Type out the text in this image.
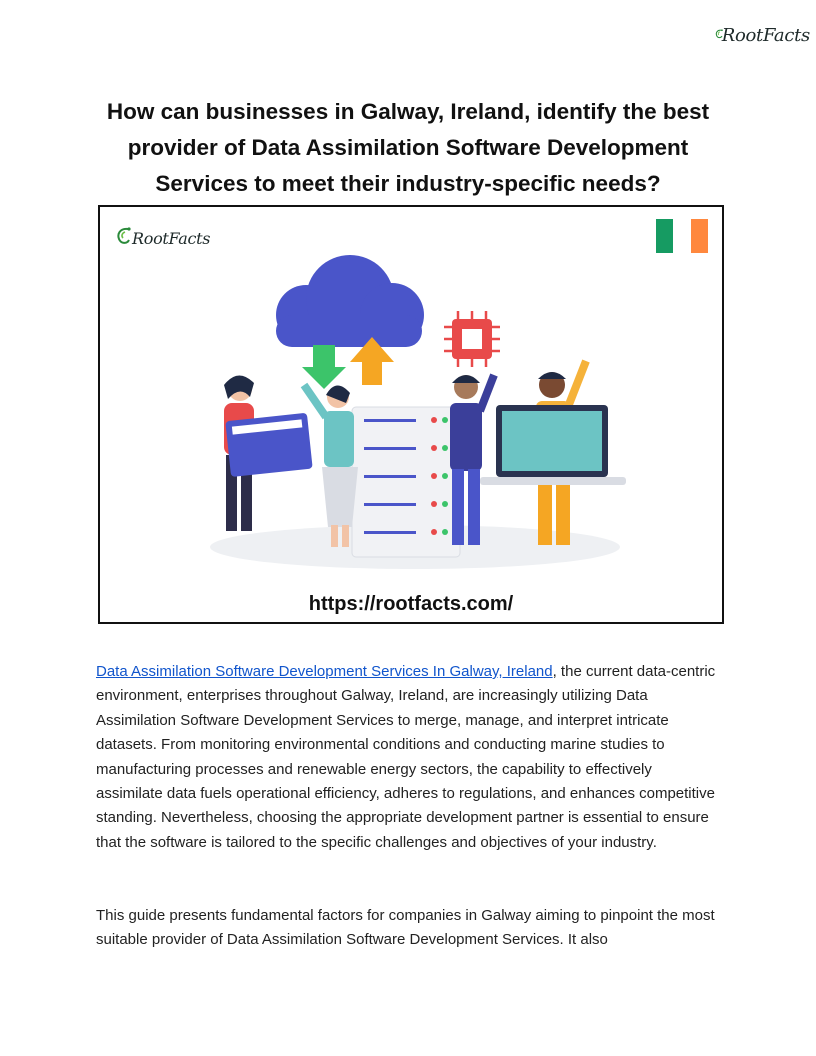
RootFacts
How can businesses in Galway, Ireland, identify the best provider of Data Assimilation Software Development Services to meet their industry-specific needs?
RootFacts
https://rootfacts.com/
Data Assimilation Software Development Services In Galway, Ireland, the current data-centric environment, enterprises throughout Galway, Ireland, are increasingly utilizing Data Assimilation Software Development Services to merge, manage, and interpret intricate datasets. From monitoring environmental conditions and conducting marine studies to manufacturing processes and renewable energy sectors, the capability to effectively assimilate data fuels operational efficiency, adheres to regulations, and enhances competitive standing. Nevertheless, choosing the appropriate development partner is essential to ensure that the software is tailored to the specific challenges and objectives of your industry.
This guide presents fundamental factors for companies in Galway aiming to pinpoint the most suitable provider of Data Assimilation Software Development Services. It also
